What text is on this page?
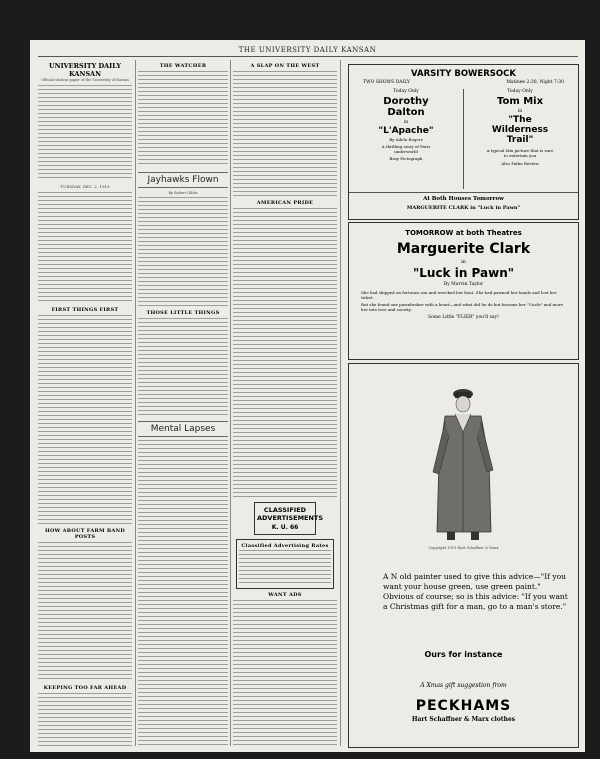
THE UNIVERSITY DAILY KANSAN
UNIVERSITY DAILY KANSAN
Official student paper of the University of Kansas
TUESDAY, DEC. 2, 1919
FIRST THINGS FIRST
HOW ABOUT FARM BAND POSTS
KEEPING TOO FAR AHEAD
THE WATCHER
Jayhawks Flown
By Robert Gibbs
THOSE LITTLE THINGS
Mental Lapses
A SLAP ON THE WEST
AMERICAN PRIDE
CLASSIFIED ADVERTISEMENTS
K. U. 66
Classified Advertising Rates
WANT ADS
VARSITY BOWERSOCK
TWO SHOWS DAILY	Matinee 2:30, Night 7:30
Today Only
Dorothy Dalton
in
"L'Apache"
By Adela Rogers
A thrilling story of Paris underworld
Bray Pictograph
Today Only
Tom Mix
in
"The Wilderness Trail"
A typical Mix picture that is sure to entertain you
Also Pathe Review
At Both Houses Tomorrow
MARGUERITE CLARK in "Luck in Pawn"
TOMORROW at both Theatres
Marguerite Clark
in
"Luck in Pawn"
By Marvin Taylor
She had shipped on fortunes son and wrecked her boat. She had pawned her hands and lost her ticket.
But she found one pawnbroker with a heart—and what did he do but become her "Uncle" and more her into love and society.
Some Little "FLIER" you'll say!
Copyright 1919 Hart Schaffner & Marx
A N old painter used to give this advice—"If you want your house green, use green paint." Obvious of course; so is this advice: "If you want a Christmas gift for a man, go to a man's store."
Ours for instance
A Xmas gift suggestion from
PECKHAMS
Hart Schaffner & Marx clothes
